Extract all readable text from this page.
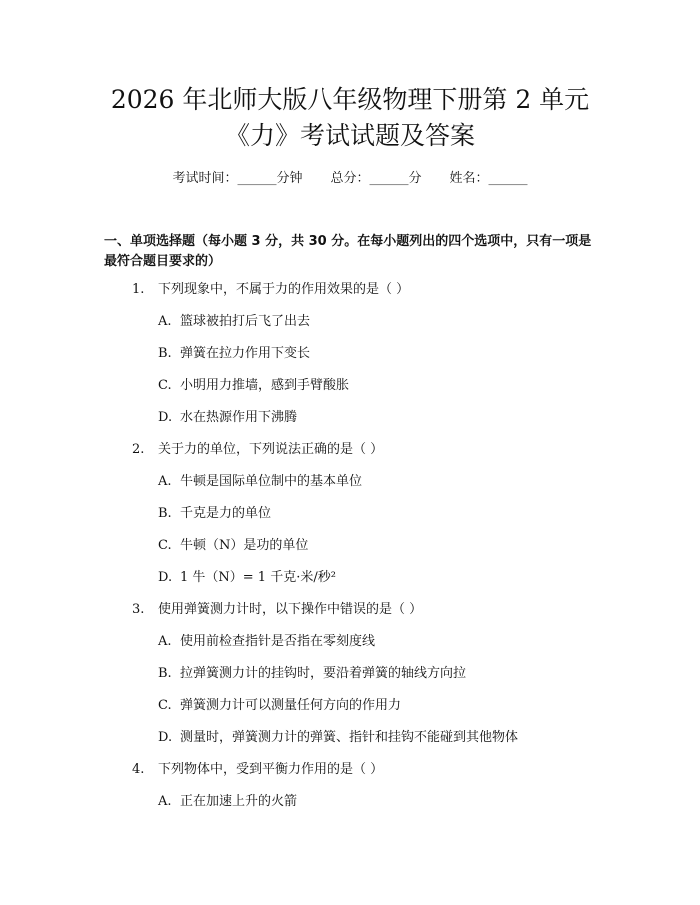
2026 年北师大版八年级物理下册第 2 单元
《力》考试试题及答案
考试时间：______分钟 总分：______分 姓名：______

一、单项选择题（每小题 3 分，共 30 分。在每小题列出的四个选项中，只有一项是最符合题目要求的）

1. 下列现象中，不属于力的作用效果的是（ ）
A. 篮球被拍打后飞了出去
B. 弹簧在拉力作用下变长
C. 小明用力推墙，感到手臂酸胀
D. 水在热源作用下沸腾
2. 关于力的单位，下列说法正确的是（ ）
A. 牛顿是国际单位制中的基本单位
B. 千克是力的单位
C. 牛顿（N）是功的单位
D. 1 牛（N）= 1 千克·米/秒²
3. 使用弹簧测力计时，以下操作中错误的是（ ）
A. 使用前检查指针是否指在零刻度线
B. 拉弹簧测力计的挂钩时，要沿着弹簧的轴线方向拉
C. 弹簧测力计可以测量任何方向的作用力
D. 测量时，弹簧测力计的弹簧、指针和挂钩不能碰到其他物体
4. 下列物体中，受到平衡力作用的是（ ）
A. 正在加速上升的火箭
